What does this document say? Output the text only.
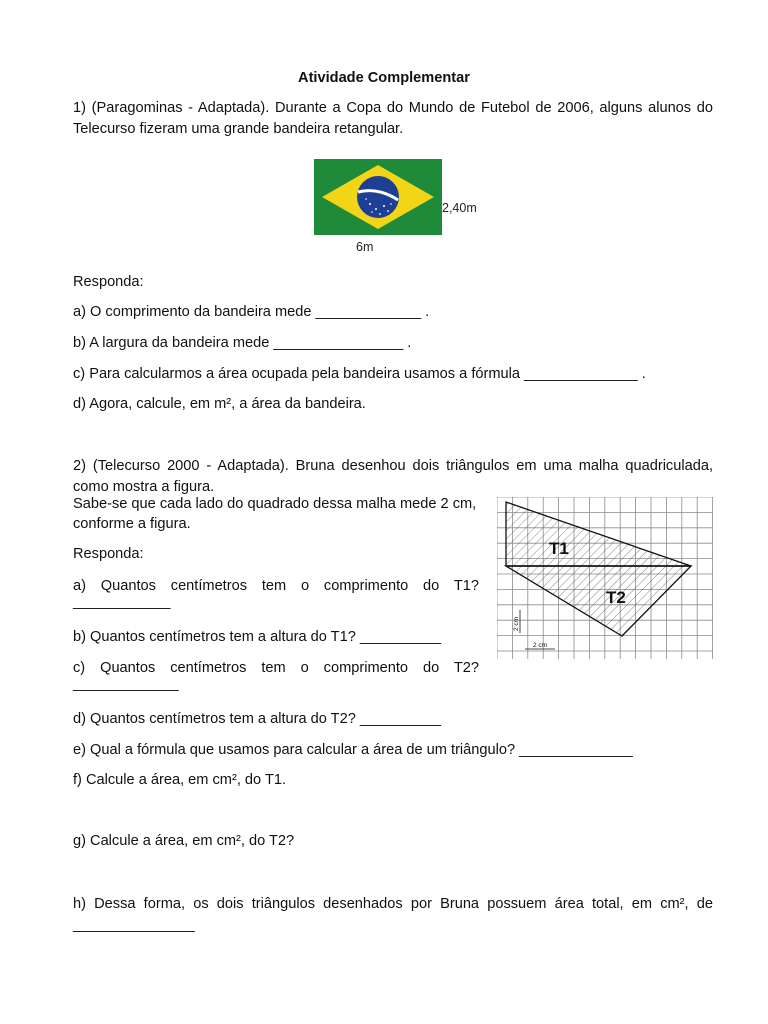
Atividade Complementar
1) (Paragominas - Adaptada). Durante a Copa do Mundo de Futebol de 2006, alguns alunos do
Telecurso fizeram uma grande bandeira retangular.
2,40m
6m
Responda:
a) O comprimento da bandeira mede _____________ .
b) A largura da bandeira mede ________________ .
c) Para calcularmos a área ocupada pela bandeira usamos a fórmula ______________ .
d) Agora, calcule, em m², a área da bandeira.
2) (Telecurso 2000 - Adaptada). Bruna desenhou dois triângulos em uma malha quadriculada,
como mostra a figura.
Sabe-se que cada lado do quadrado dessa malha mede 2 cm,
conforme a figura.
Responda:
a) Quantos centímetros tem o comprimento do T1?
____________
b) Quantos centímetros tem a altura do T1? __________
c) Quantos centímetros tem o comprimento do T2?
_____________
d) Quantos centímetros tem a altura do T2? __________
e) Qual a fórmula que usamos para calcular a área de um triângulo? ______________
f) Calcule a área, em cm², do T1.
g) Calcule a área, em cm², do T2?
h) Dessa forma, os dois triângulos desenhados por Bruna possuem área total, em cm², de
_______________
T1
T2
2 cm
2 cm
